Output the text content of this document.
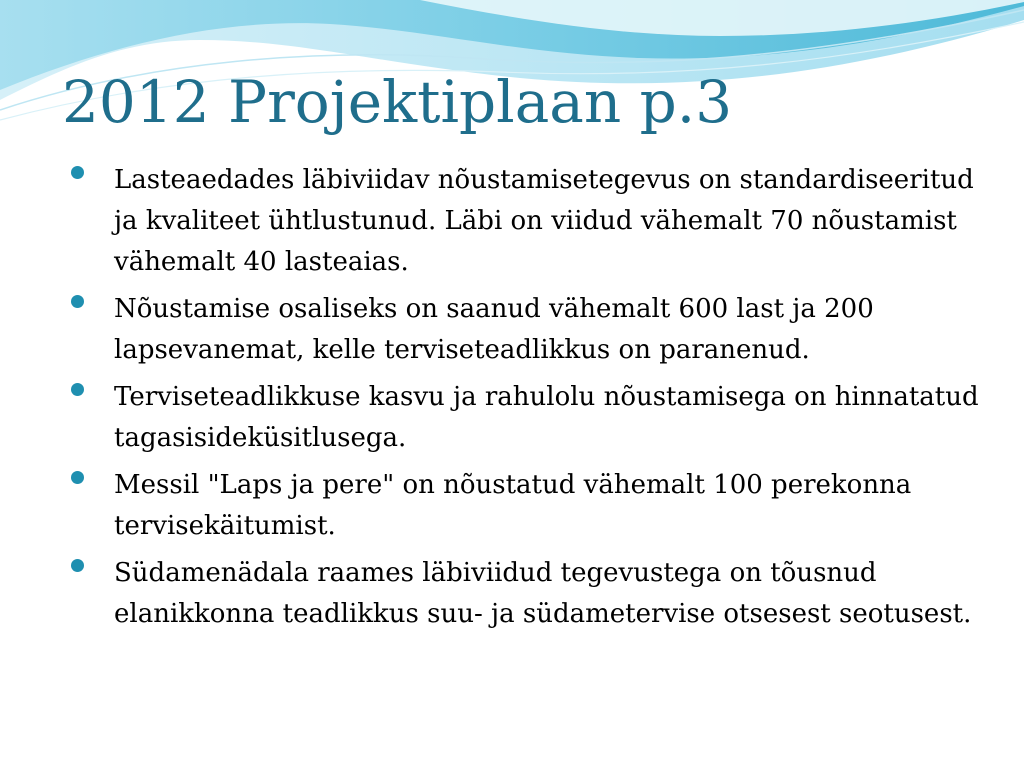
2012 Projektiplaan p.3
Lasteaedades läbiviidav nõustamisetegevus on standardiseeritud ja kvaliteet ühtlustunud. Läbi on viidud vähemalt 70 nõustamist vähemalt 40 lasteaias.
Nõustamise osaliseks on saanud vähemalt 600 last ja 200 lapsevanemat, kelle terviseteadlikkus on paranenud.
Terviseteadlikkuse kasvu ja rahulolu nõustamisega on hinnatatud tagasisideküsitlusega.
Messil "Laps ja pere" on nõustatud vähemalt 100 perekonna tervisekäitumist.
Südamenädala raames läbiviidud tegevustega on tõusnud elanikkonna teadlikkus suu- ja südametervise otsesest seotusest.
